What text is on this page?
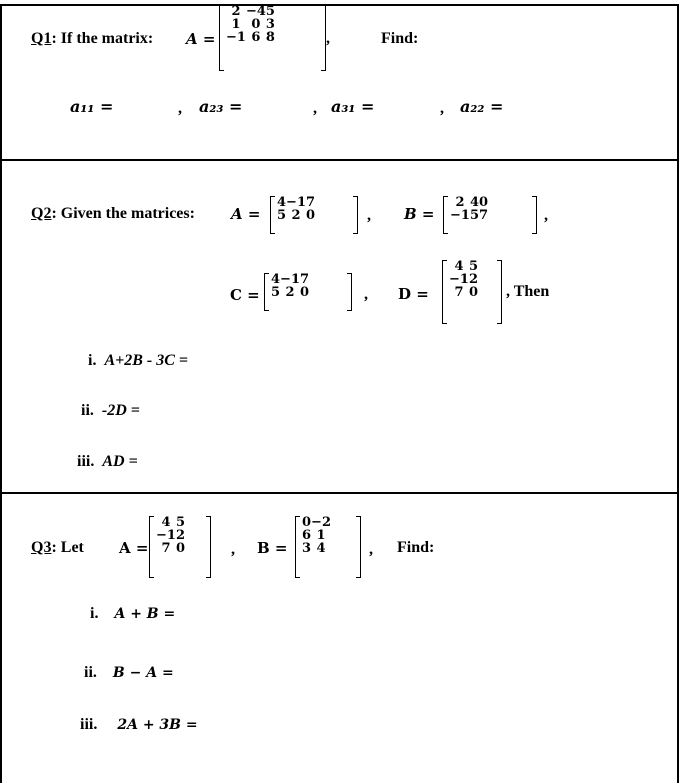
Q1: If the matrix: A =
2	−4	5
1	0	3
−1	6	8	,	Find:
a₁₁ =	, a₂₃ =	, a₃₁ =	, a₂₂ =
Q2: Given the matrices: A =
4	−1	7
5	2	0	, B =
2	4	0
−1	5	7	,
C =
4	−1	7
5	2	0	, D =
4	5
−1	2
7	0 , Then
i. A+2B - 3C =
ii. -2D =
iii. AD =
Q3: Let A =
4	5
−1	2
7	0	, B =
0	−2
6	1
3	4	, Find:
i. A + B =
ii. B − A =
iii. 2A + 3B =
